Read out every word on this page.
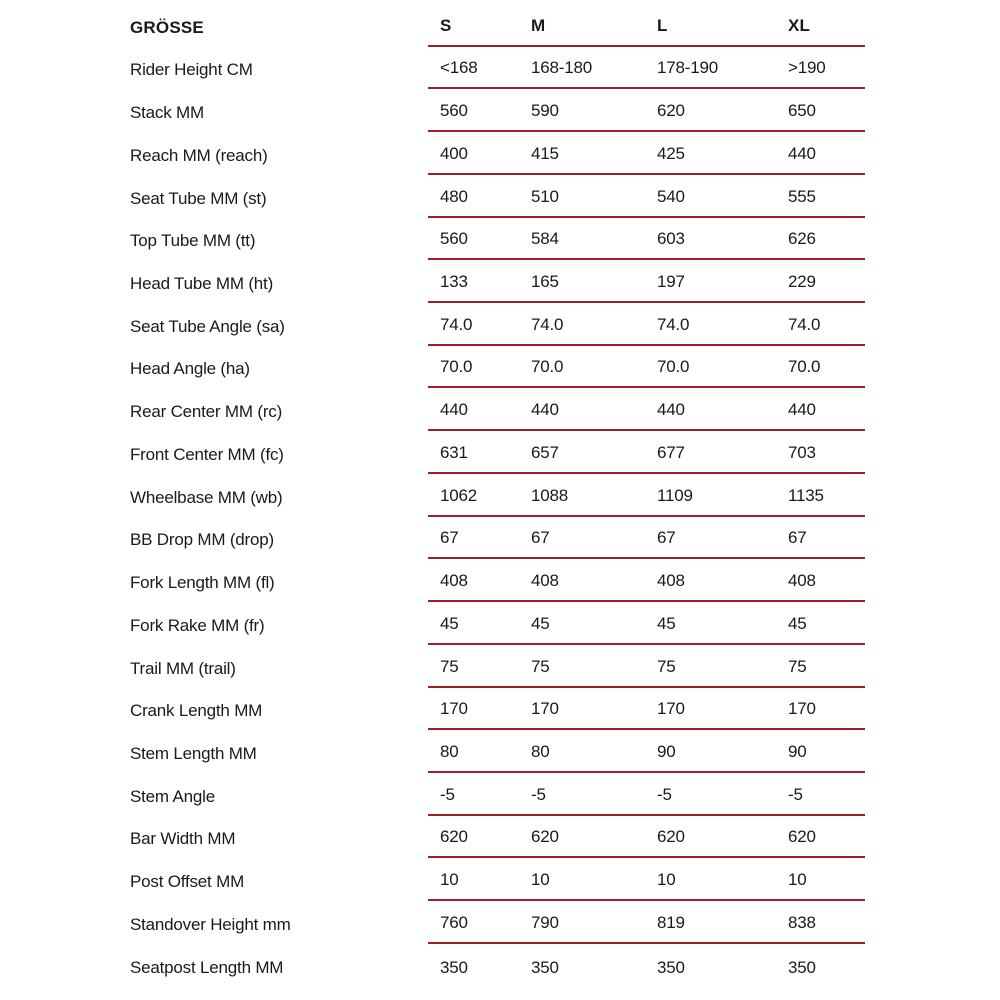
GRÖSSE	S	M	L	XL
Rider Height CM	<168	168-180	178-190	>190
Stack MM	560	590	620	650
Reach MM (reach)	400	415	425	440
Seat Tube MM (st)	480	510	540	555
Top Tube MM (tt)	560	584	603	626
Head Tube MM (ht)	133	165	197	229
Seat Tube Angle (sa)	74.0	74.0	74.0	74.0
Head Angle (ha)	70.0	70.0	70.0	70.0
Rear Center MM (rc)	440	440	440	440
Front Center MM (fc)	631	657	677	703
Wheelbase MM (wb)	1062	1088	1109	1135
BB Drop MM (drop)	67	67	67	67
Fork Length MM (fl)	408	408	408	408
Fork Rake MM (fr)	45	45	45	45
Trail MM (trail)	75	75	75	75
Crank Length MM	170	170	170	170
Stem Length MM	80	80	90	90
Stem Angle	-5	-5	-5	-5
Bar Width MM	620	620	620	620
Post Offset MM	10	10	10	10
Standover Height mm	760	790	819	838
Seatpost Length MM	350	350	350	350
